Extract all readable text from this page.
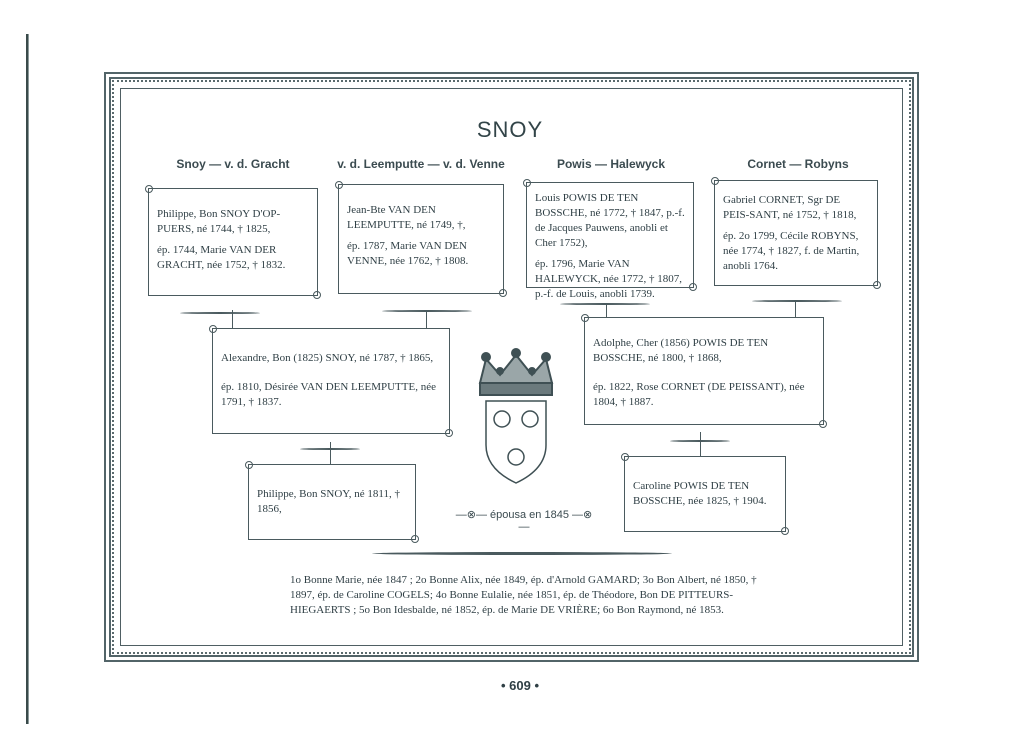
SNOY
Snoy — v. d. Gracht	v. d. Leemputte — v. d. Venne	Powis — Halewyck	Cornet — Robyns

Philippe, Bon SNOY D'OP-PUERS, né 1744, † 1825,

ép. 1744, Marie VAN DER GRACHT, née 1752, † 1832.

Jean-Bte VAN DEN LEEMPUTTE, né 1749, †,

ép. 1787, Marie VAN DEN VENNE, née 1762, † 1808.

Louis POWIS DE TEN BOSSCHE, né 1772, † 1847, p.-f. de Jacques Pauwens, anobli et Cher 1752),

ép. 1796, Marie VAN HALEWYCK, née 1772, † 1807, p.-f. de Louis, anobli 1739.

Gabriel CORNET, Sgr DE PEIS-SANT, né 1752, † 1818,

ép. 2o 1799, Cécile ROBYNS, née 1774, † 1827, f. de Martin, anobli 1764.

Alexandre, Bon (1825) SNOY, né 1787, † 1865,

ép. 1810, Désirée VAN DEN LEEMPUTTE, née 1791, † 1837.

Adolphe, Cher (1856) POWIS DE TEN BOSSCHE, né 1800, † 1868,

ép. 1822, Rose CORNET (DE PEISSANT), née 1804, † 1887.

Philippe, Bon SNOY, né 1811, † 1856,

Caroline POWIS DE TEN BOSSCHE, née 1825, † 1904.

—⊗— épousa en 1845 —⊗—
1o Bonne Marie, née 1847 ; 2o Bonne Alix, née 1849, ép. d'Arnold GAMARD; 3o Bon Albert, né 1850, † 1897, ép. de Caroline COGELS; 4o Bonne Eulalie, née 1851, ép. de Théodore, Bon DE PITTEURS-HIEGAERTS ; 5o Bon Idesbalde, né 1852, ép. de Marie DE VRIÈRE; 6o Bon Raymond, né 1853.
• 609 •
